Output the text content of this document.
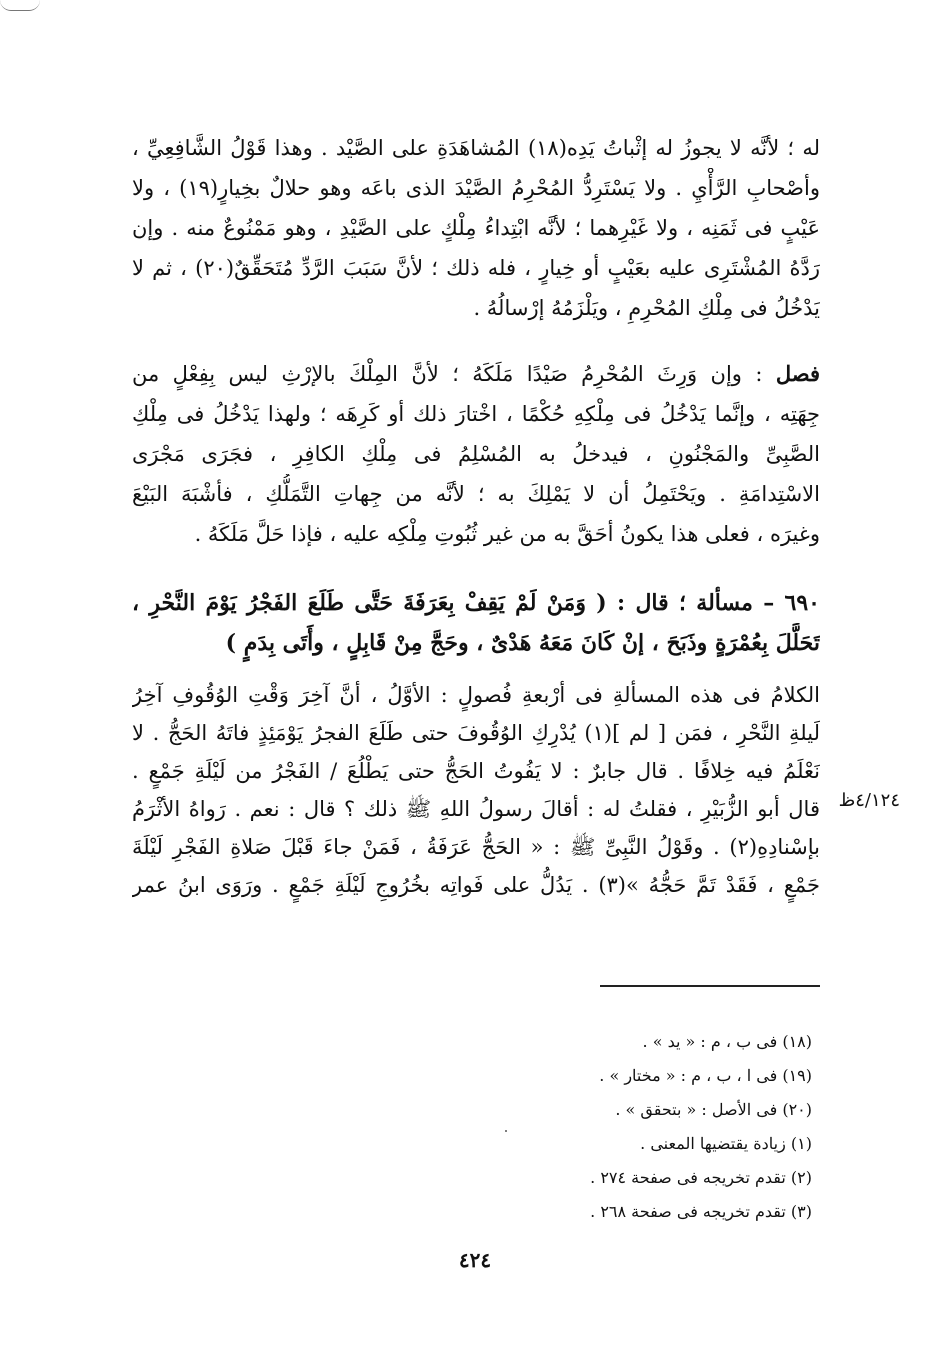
له ؛ لأنَّه لا يجوزُ له إثْباتُ يَدِه(١٨) المُشاهَدَةِ على الصَّيْد . وهذا قَوْلُ الشَّافِعِيِّ ،
وأصْحابِ الرَّأْيِ . ولا يَسْتَرِدُّ المُحْرِمُ الصَّيْدَ الذى باعَه وهو حلالٌ بخِيارٍ(١٩) ، ولا
عَيْبٍ فى ثَمَنِه ، ولا غَيْرِهما ؛ لأنَّه ابْتِداءُ مِلْكٍ على الصَّيْدِ ، وهو مَمْنُوعٌ منه . وإن
رَدَّهُ المُشْتَرِى عليه بعَيْبٍ أو خِيارٍ ، فله ذلك ؛ لأنَّ سَبَبَ الرَّدِّ مُتَحَقِّقٌ(٢٠) ، ثم لا
يَدْخُلُ فى مِلْكِ المُحْرِمِ ، ويَلْزَمُهُ إرْسالُهُ .
فصل : وإن وَرِثَ المُحْرِمُ صَيْدًا مَلَكَهُ ؛ لأنَّ المِلْكَ بالإرْثِ ليس بِفِعْلٍ من
جِهَتِه ، وإنَّما يَدْخُلُ فى مِلْكِهِ حُكْمًا ، اخْتارَ ذلك أو كَرِهَه ؛ ولهذا يَدْخُلُ فى مِلْكِ
الصَّبِىِّ والمَجْنُونِ ، فيدخلُ به المُسْلِمُ فى مِلْكِ الكافِرِ ، فجَرَى مَجْرَى
الاسْتِدامَةِ . ويَحْتَمِلُ أن لا يَمْلِكَ به ؛ لأنَّه من جِهاتِ التَّمَلُّكِ ، فأشْبَهَ البَيْعَ
وغيرَه ، فعلى هذا يكونُ أحَقَّ به من غير ثُبُوتِ مِلْكِه عليه ، فإذا حَلَّ مَلَكَهُ .
٦٩٠ – مسألة ؛ قال : ( وَمَنْ لَمْ يَقِفْ بِعَرَفَةَ حَتَّى طَلَعَ الفَجْرُ يَوْمَ النَّحْرِ ،
تَحَلَّلَ بِعُمْرَةٍ وذَبَحَ ، إنْ كَانَ مَعَهُ هَدْىٌ ، وحَجَّ مِنْ قَابِلٍ ، وأَتَى بِدَمٍ )
الكلامُ فى هذه المسألةِ فى أرْبعةِ فُصولٍ : الأوَّلُ ، أنَّ آخِرَ وَقْتِ الوُقُوفِ آخِرُ
لَيلةِ النَّحْرِ ، فمَن [ لم ](١) يُدْرِكِ الوُقُوفَ حتى طَلَعَ الفجرُ يَوْمَئِذٍ فاتَهُ الحَجُّ . لا
نَعْلَمُ فيه خِلافًا . قال جابرٌ : لا يَفُوتُ الحَجُّ حتى يَطْلُعَ / الفَجْرُ من لَيْلَةِ جَمْعٍ .
قال أبو الزُّبَيْرِ ، فقلتُ له : أقالَ رسولُ اللهِ ﷺ ذلك ؟ قال : نعم . رَواهُ الأثْرَمُ
بإسْنادِهِ(٢) . وقَوْلُ النَّبِىِّ ﷺ : « الحَجُّ عَرَفَةُ ، فَمَنْ جاءَ قَبْلَ صَلاةِ الفَجْرِ لَيْلَةَ
جَمْعٍ ، فَقَدْ تَمَّ حَجُّهُ »(٣) . يَدُلُّ على فَواتِه بخُرُوجِ لَيْلَةِ جَمْعٍ . ورَوَى ابنُ عمر
٤/١٢٤ظ
(١٨) فى ب ، م : « يد » .
(١٩) فى ا ، ب ، م : « مختار » .
(٢٠) فى الأصل : « بتحقق » .
(١) زيادة يقتضيها المعنى .
(٢) تقدم تخريجه فى صفحة ٢٧٤ .
(٣) تقدم تخريجه فى صفحة ٢٦٨ .
٤٢٤
